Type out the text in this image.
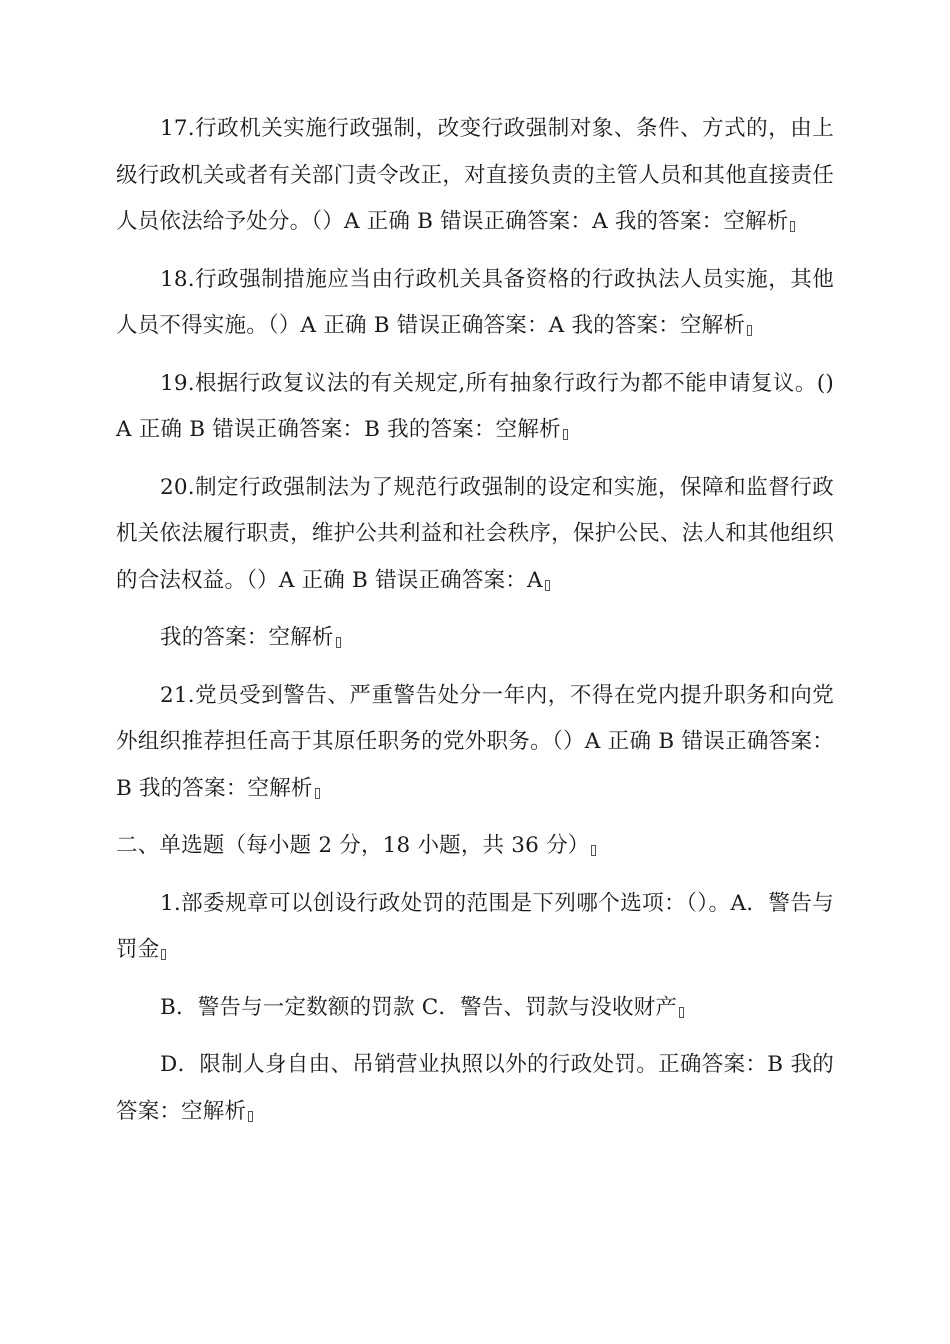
17.行政机关实施行政强制，改变行政强制对象、条件、方式的，由上级行政机关或者有关部门责令改正，对直接负责的主管人员和其他直接责任人员依法给予处分。（）A 正确 B 错误正确答案：A 我的答案：空解析

18.行政强制措施应当由行政机关具备资格的行政执法人员实施，其他人员不得实施。（）A 正确 B 错误正确答案：A 我的答案：空解析

19.根据行政复议法的有关规定,所有抽象行政行为都不能申请复议。()A 正确 B 错误正确答案：B 我的答案：空解析

20.制定行政强制法为了规范行政强制的设定和实施，保障和监督行政机关依法履行职责，维护公共利益和社会秩序，保护公民、法人和其他组织的合法权益。（）A 正确 B 错误正确答案：A

我的答案：空解析

21.党员受到警告、严重警告处分一年内，不得在党内提升职务和向党外组织推荐担任高于其原任职务的党外职务。（）A 正确 B 错误正确答案：B 我的答案：空解析

二、单选题（每小题 2 分，18 小题，共 36 分）

1.部委规章可以创设行政处罚的范围是下列哪个选项：（）。A．警告与罚金

B．警告与一定数额的罚款 C．警告、罚款与没收财产

D．限制人身自由、吊销营业执照以外的行政处罚。正确答案：B 我的答案：空解析
